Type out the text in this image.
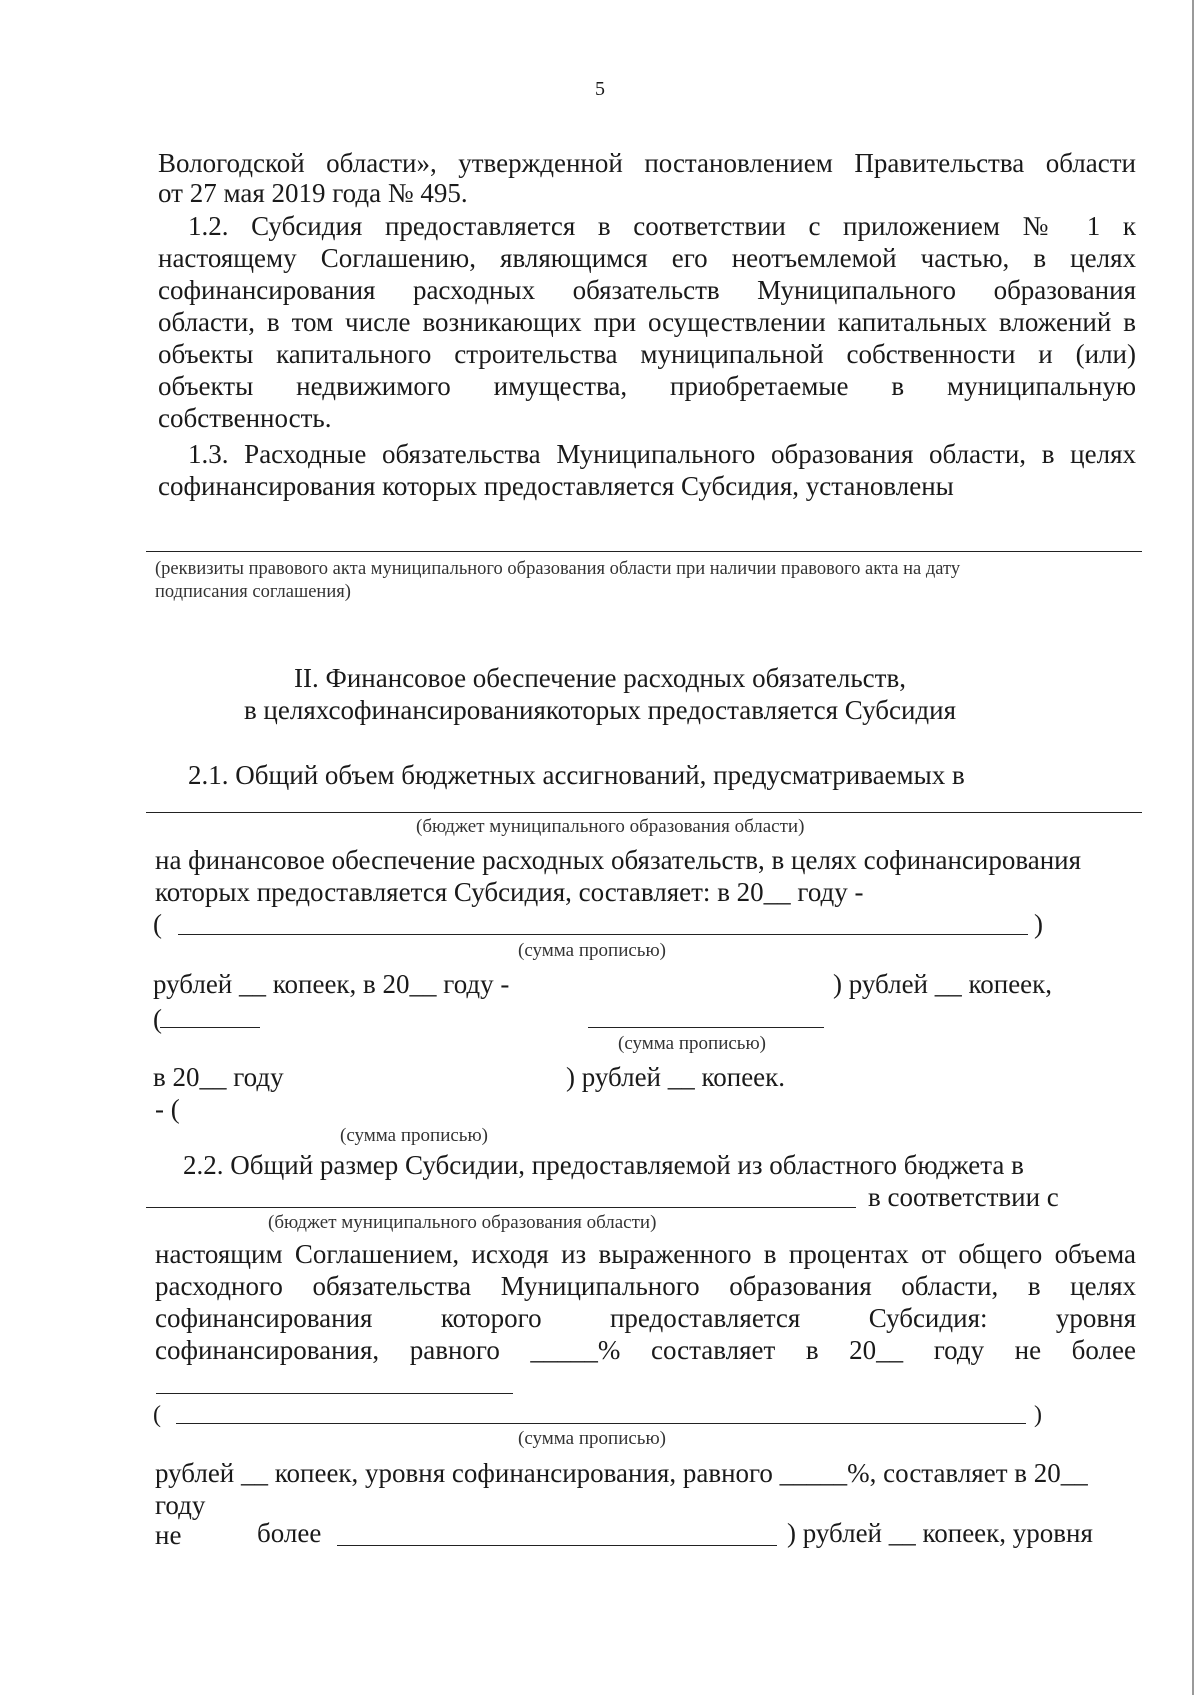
5
Вологодской области», утвержденной постановлением Правительства области
от 27 мая 2019 года № 495.
1.2. Субсидия предоставляется в соответствии с приложением № 1 к
настоящему Соглашению, являющимся его неотъемлемой частью, в целях
софинансирования расходных обязательств Муниципального образования
области, в том числе возникающих при осуществлении капитальных вложений в
объекты капитального строительства муниципальной собственности и (или)
объекты недвижимого имущества, приобретаемые в муниципальную
собственность.
1.3. Расходные обязательства Муниципального образования области, в целях
софинансирования которых предоставляется Субсидия, установлены
(реквизиты правового акта муниципального образования области при наличии правового акта на дату
подписания соглашения)
II. Финансовое обеспечение расходных обязательств,
в целяхсофинансированиякоторых предоставляется Субсидия
2.1. Общий объем бюджетных ассигнований, предусматриваемых в
(бюджет муниципального образования области)
на финансовое обеспечение расходных обязательств, в целях софинансирования
которых предоставляется Субсидия, составляет: в 20__ году -
(	)
(сумма прописью)
рублей __ копеек, в 20__ году -	) рублей __ копеек,
(
(сумма прописью)
в 20__ году	) рублей __ копеек.
- (
(сумма прописью)
2.2. Общий размер Субсидии, предоставляемой из областного бюджета в
в соответствии с
(бюджет муниципального образования области)
настоящим Соглашением, исходя из выраженного в процентах от общего объема
расходного обязательства Муниципального образования области, в целях
софинансирования которого предоставляется Субсидия: уровня
софинансирования, равного _____% составляет в 20__ году не более
(	)
(сумма прописью)
рублей __ копеек, уровня софинансирования, равного _____%, составляет в 20__
году
не	более	) рублей __ копеек, уровня
